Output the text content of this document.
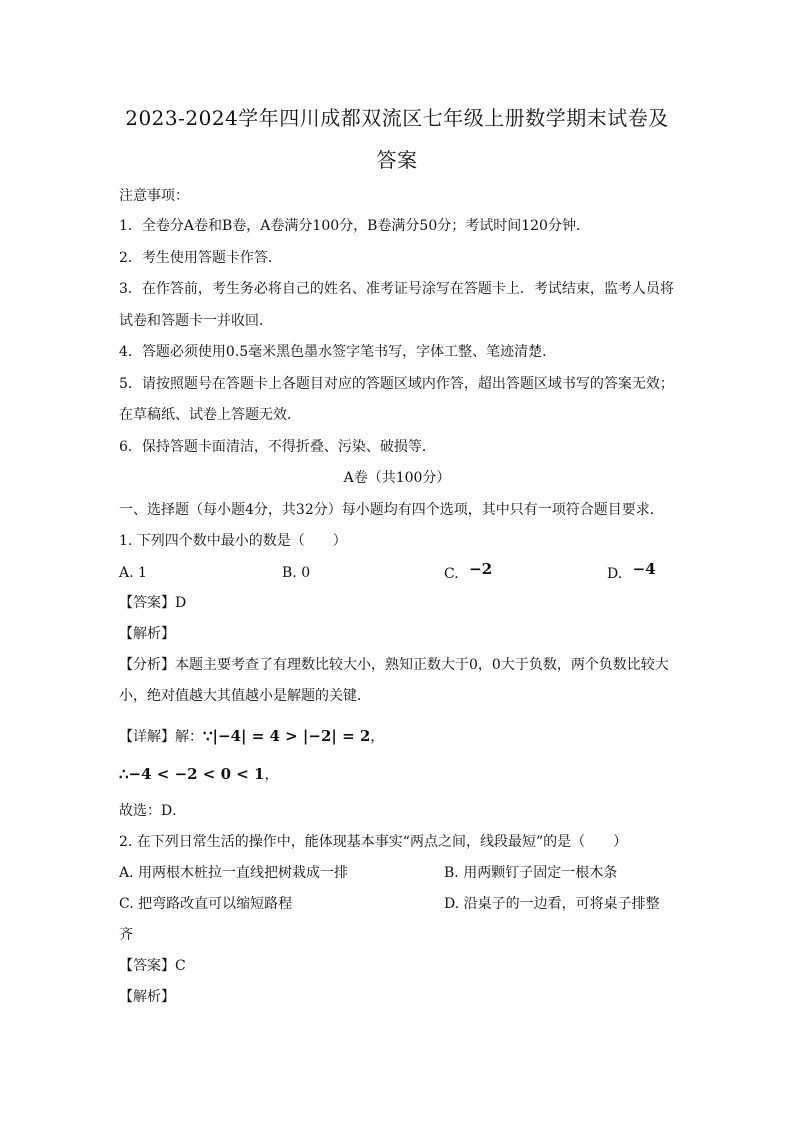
2023-2024学年四川成都双流区七年级上册数学期末试卷及
答案
注意事项：
1．全卷分A卷和B卷，A卷满分100分，B卷满分50分；考试时间120分钟．
2．考生使用答题卡作答．
3．在作答前，考生务必将自己的姓名、准考证号涂写在答题卡上．考试结束，监考人员将
试卷和答题卡一并收回．
4．答题必须使用0.5毫米黑色墨水签字笔书写，字体工整、笔迹清楚．
5．请按照题号在答题卡上各题目对应的答题区域内作答，超出答题区域书写的答案无效；
在草稿纸、试卷上答题无效．
6．保持答题卡面清洁，不得折叠、污染、破损等．
A卷（共100分）
一、选择题（每小题4分，共32分）每小题均有四个选项，其中只有一项符合题目要求．
1. 下列四个数中最小的数是（　　）
A. 1	B. 0	C. −2	D. −4
【答案】D
【解析】
【分析】本题主要考查了有理数比较大小，熟知正数大于0，0大于负数，两个负数比较大
小，绝对值越大其值越小是解题的关键．
【详解】解：∵|−4| = 4 > |−2| = 2，
∴−4 < −2 < 0 < 1，
故选：D．
2. 在下列日常生活的操作中，能体现基本事实“两点之间，线段最短”的是（　　）
A. 用两根木桩拉一直线把树栽成一排	B. 用两颗钉子固定一根木条
C. 把弯路改直可以缩短路程	D. 沿桌子的一边看，可将桌子排整
齐
【答案】C
【解析】
